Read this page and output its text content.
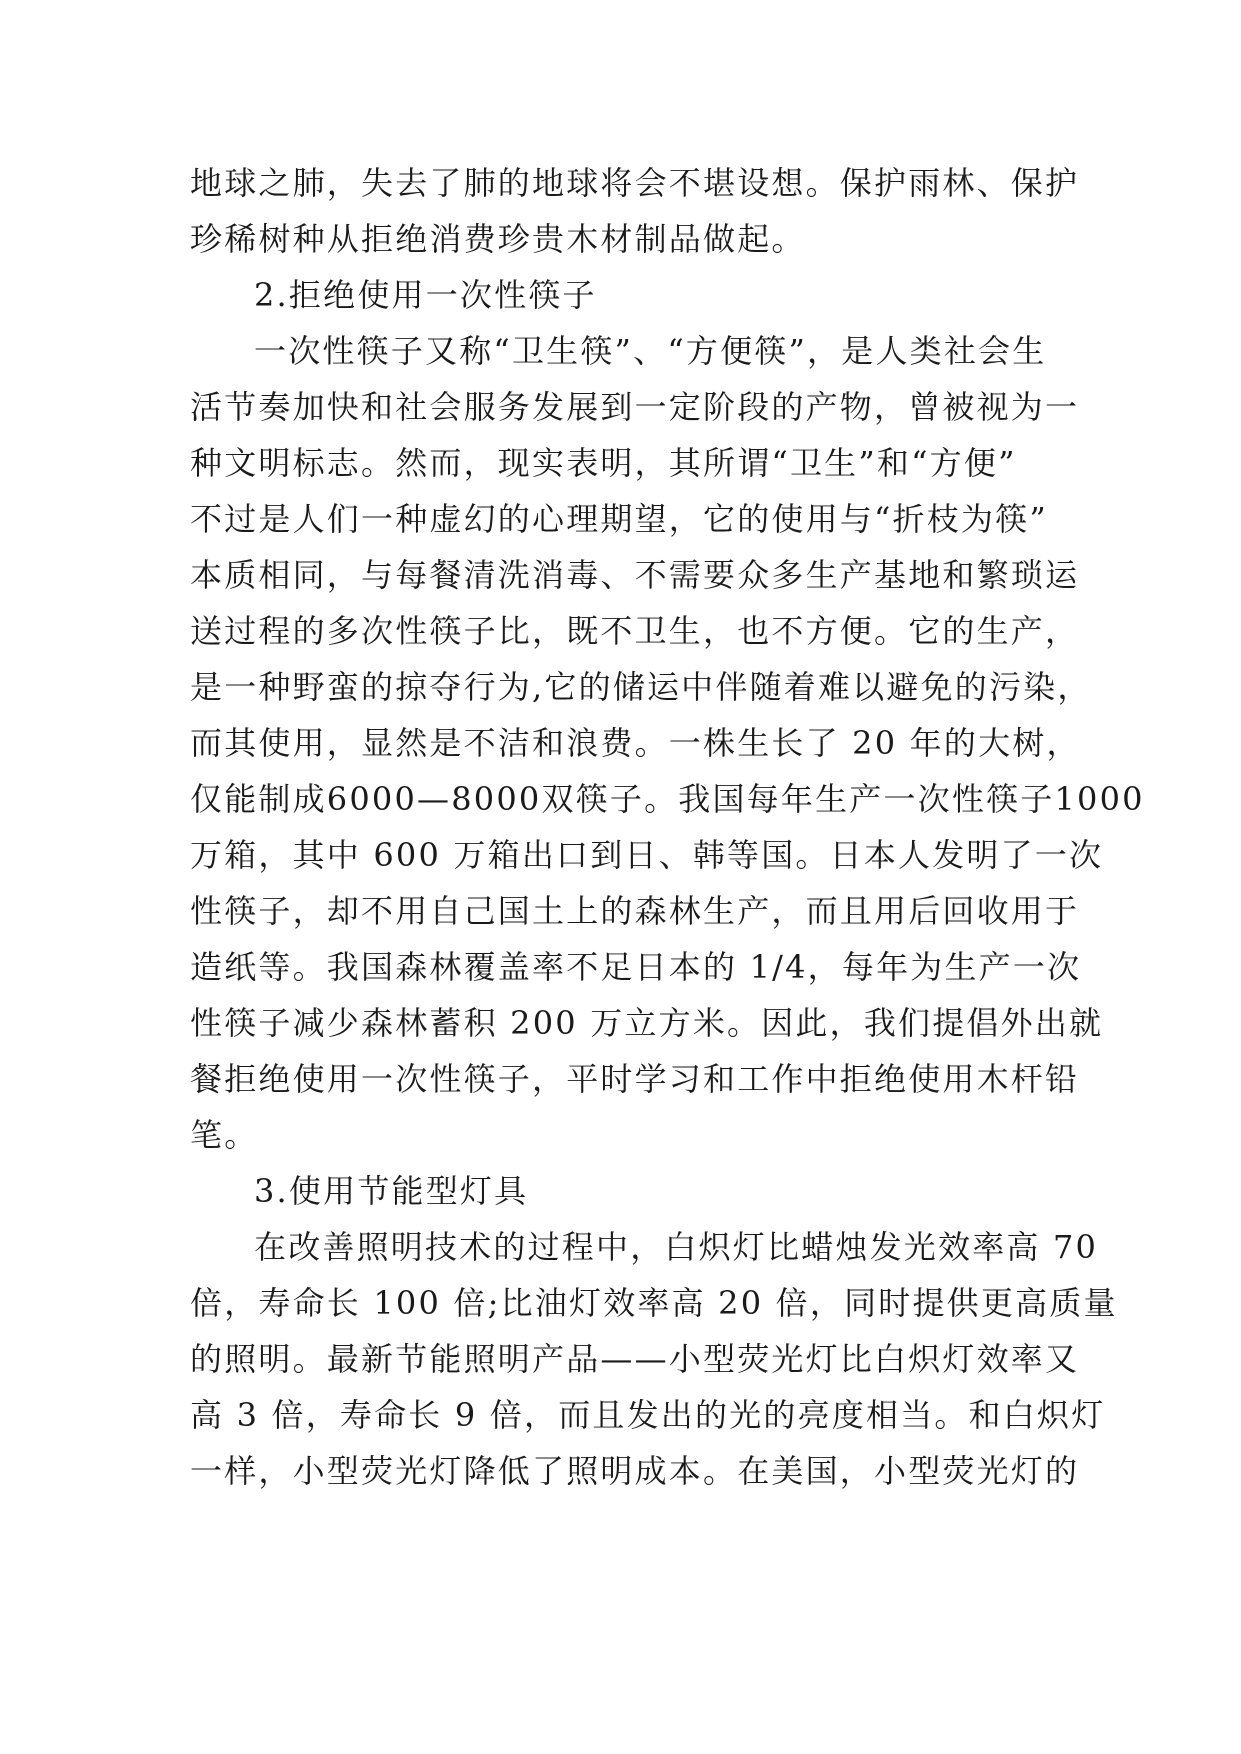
地球之肺，失去了肺的地球将会不堪设想。保护雨林、保护
珍稀树种从拒绝消费珍贵木材制品做起。
2.拒绝使用一次性筷子
一次性筷子又称“卫生筷”、“方便筷”，是人类社会生
活节奏加快和社会服务发展到一定阶段的产物，曾被视为一
种文明标志。然而，现实表明，其所谓“卫生”和“方便”
不过是人们一种虚幻的心理期望，它的使用与“折枝为筷”
本质相同，与每餐清洗消毒、不需要众多生产基地和繁琐运
送过程的多次性筷子比，既不卫生，也不方便。它的生产，
是一种野蛮的掠夺行为,它的储运中伴随着难以避免的污染，
而其使用，显然是不洁和浪费。一株生长了 20 年的大树，
仅能制成6000—8000双筷子。我国每年生产一次性筷子1000
万箱，其中 600 万箱出口到日、韩等国。日本人发明了一次
性筷子，却不用自己国土上的森林生产，而且用后回收用于
造纸等。我国森林覆盖率不足日本的 1/4，每年为生产一次
性筷子减少森林蓄积 200 万立方米。因此，我们提倡外出就
餐拒绝使用一次性筷子，平时学习和工作中拒绝使用木杆铅
笔。
3.使用节能型灯具
在改善照明技术的过程中，白炽灯比蜡烛发光效率高 70
倍，寿命长 100 倍;比油灯效率高 20 倍，同时提供更高质量
的照明。最新节能照明产品——小型荧光灯比白炽灯效率又
高 3 倍，寿命长 9 倍，而且发出的光的亮度相当。和白炽灯
一样，小型荧光灯降低了照明成本。在美国，小型荧光灯的
